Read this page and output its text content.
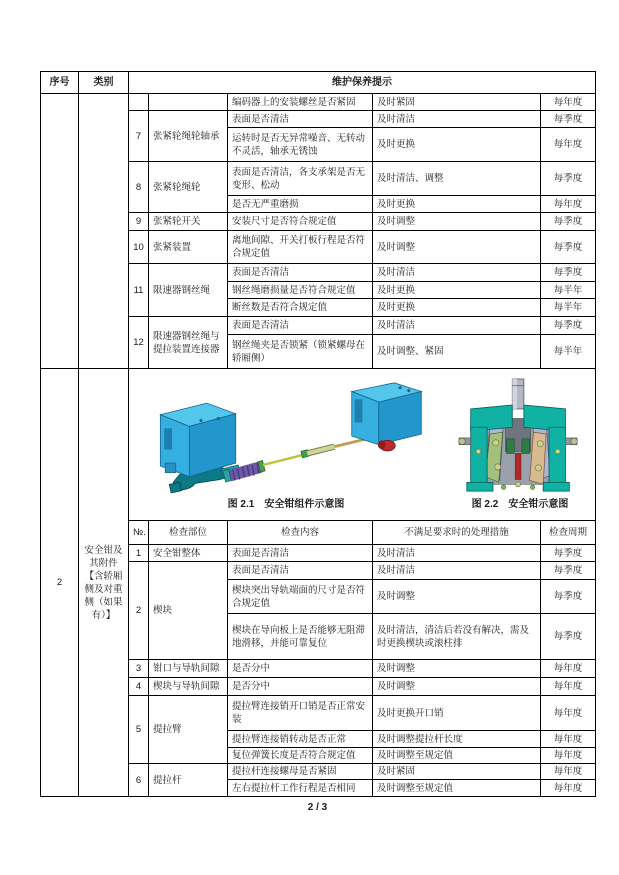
序号	类别	维护保养提示				
				编码器上的安装螺丝是否紧固	及时紧固	每年度
		7	张紧轮绳轮轴承	表面是否清洁	及时清洁	每季度
				运转时是否无异常噪音、无转动不灵活，轴承无锈蚀	及时更换	每年度
		8	张紧轮绳轮	表面是否清洁，各支承架是否无变形、松动	及时清洁、调整	每季度
				是否无严重磨损	及时更换	每年度
		9	张紧轮开关	安装尺寸是否符合规定值	及时调整	每季度
		10	张紧装置	离地间隙、开关打板行程是否符合规定值	及时调整	每季度
		11	限速器钢丝绳	表面是否清洁	及时清洁	每季度
				钢丝绳磨损量是否符合规定值	及时更换	每半年
				断丝数是否符合规定值	及时更换	每半年
		12	限速器钢丝绳与提拉装置连接器	表面是否清洁	及时清洁	每季度
				钢丝绳夹是否锁紧（锁紧螺母在轿厢侧）	及时调整、紧固	每半年
2	安全钳及其附件【含轿厢侧及对重侧（如果有）】	图 2.1　安全钳组件示意图 图 2.2　安全钳示意图				

		№.	检查部位	检查内容	不满足要求时的处理措施	检查周期
		1	安全钳整体	表面是否清洁	及时清洁	每季度
		2	楔块	表面是否清洁	及时清洁	每季度
				楔块突出导轨端面的尺寸是否符合规定值	及时调整	每季度
				楔块在导向板上是否能够无阻滞地滑移，并能可靠复位	及时清洁，清洁后若没有解决，需及时更换楔块或滚柱排	每季度
		3	钳口与导轨间隙	是否分中	及时调整	每年度
		4	楔块与导轨间隙	是否分中	及时调整	每年度
		5	提拉臂	提拉臂连接销开口销是否正常安装	及时更换开口销	每年度
				提拉臂连接销转动是否正常	及时调整提拉杆长度	每年度
				复位弹簧长度是否符合规定值	及时调整至规定值	每年度
		6	提拉杆	提拉杆连接螺母是否紧固	及时紧固	每年度
				左右提拉杆工作行程是否相同	及时调整至规定值	每年度
2 / 3
